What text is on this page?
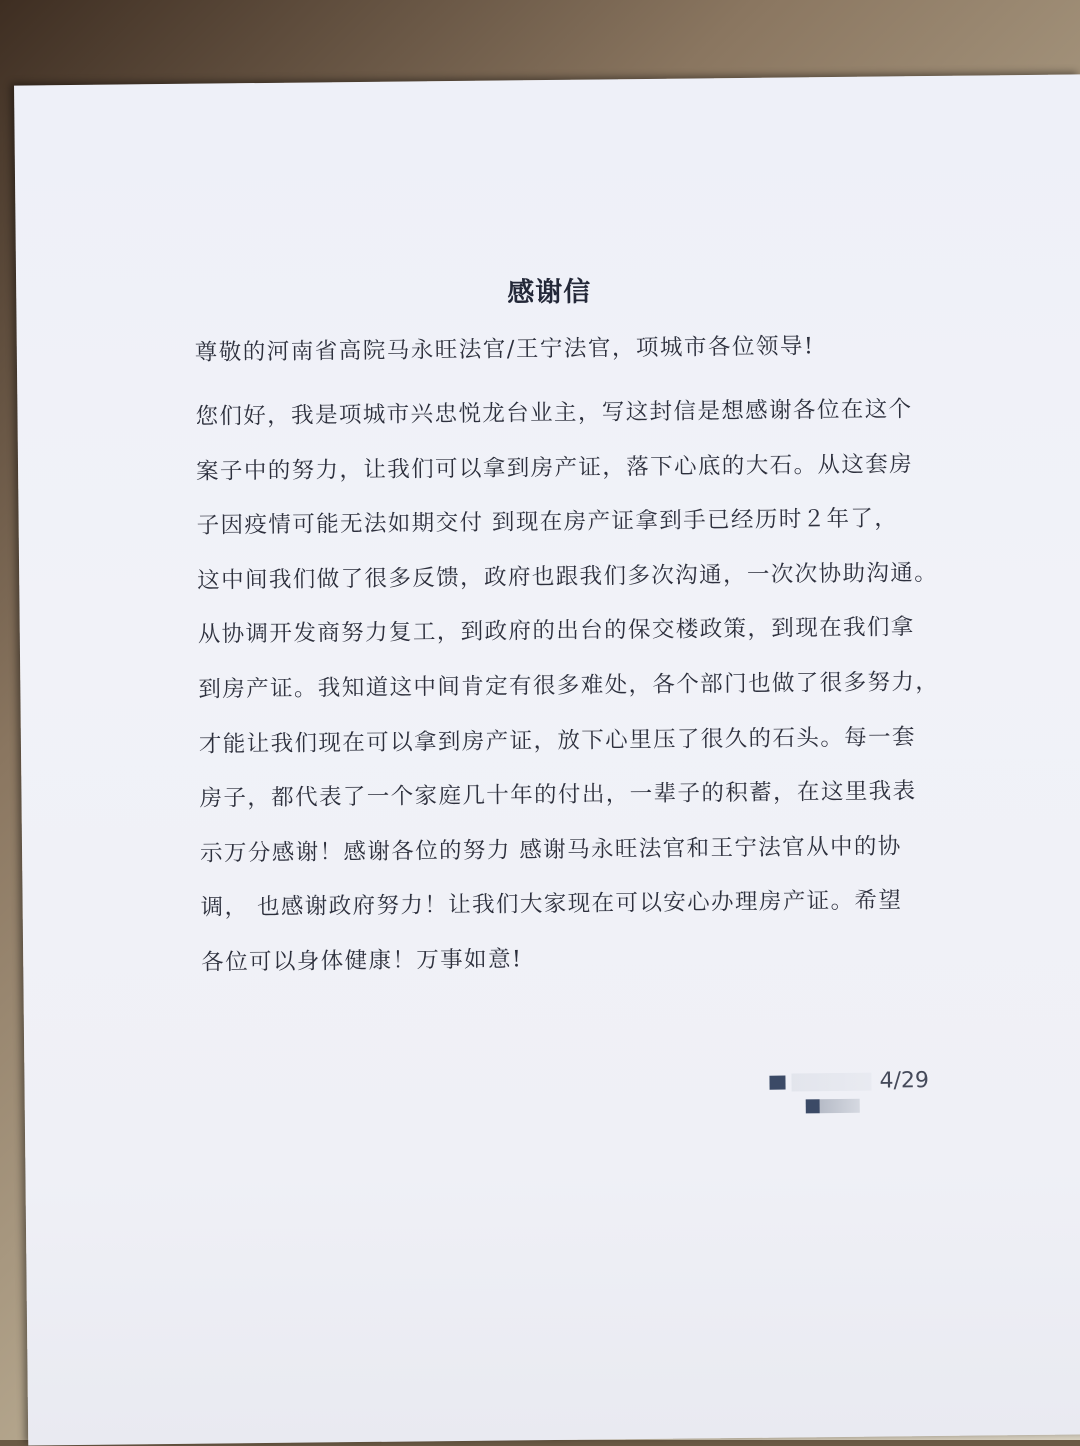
感谢信

尊敬的河南省高院马永旺法官/王宁法官，项城市各位领导!

您们好，我是项城市兴忠悦龙台业主，写这封信是想感谢各位在这个
案子中的努力，让我们可以拿到房产证，落下心底的大石。从这套房
子因疫情可能无法如期交付 到现在房产证拿到手已经历时２年了，
这中间我们做了很多反馈，政府也跟我们多次沟通，一次次协助沟通。
从协调开发商努力复工，到政府的出台的保交楼政策，到现在我们拿
到房产证。我知道这中间肯定有很多难处，各个部门也做了很多努力，
才能让我们现在可以拿到房产证，放下心里压了很久的石头。每一套
房子，都代表了一个家庭几十年的付出，一辈子的积蓄，在这里我表
示万分感谢！感谢各位的努力 感谢马永旺法官和王宁法官从中的协
调， 也感谢政府努力！让我们大家现在可以安心办理房产证。希望
各位可以身体健康！万事如意!
4/29
